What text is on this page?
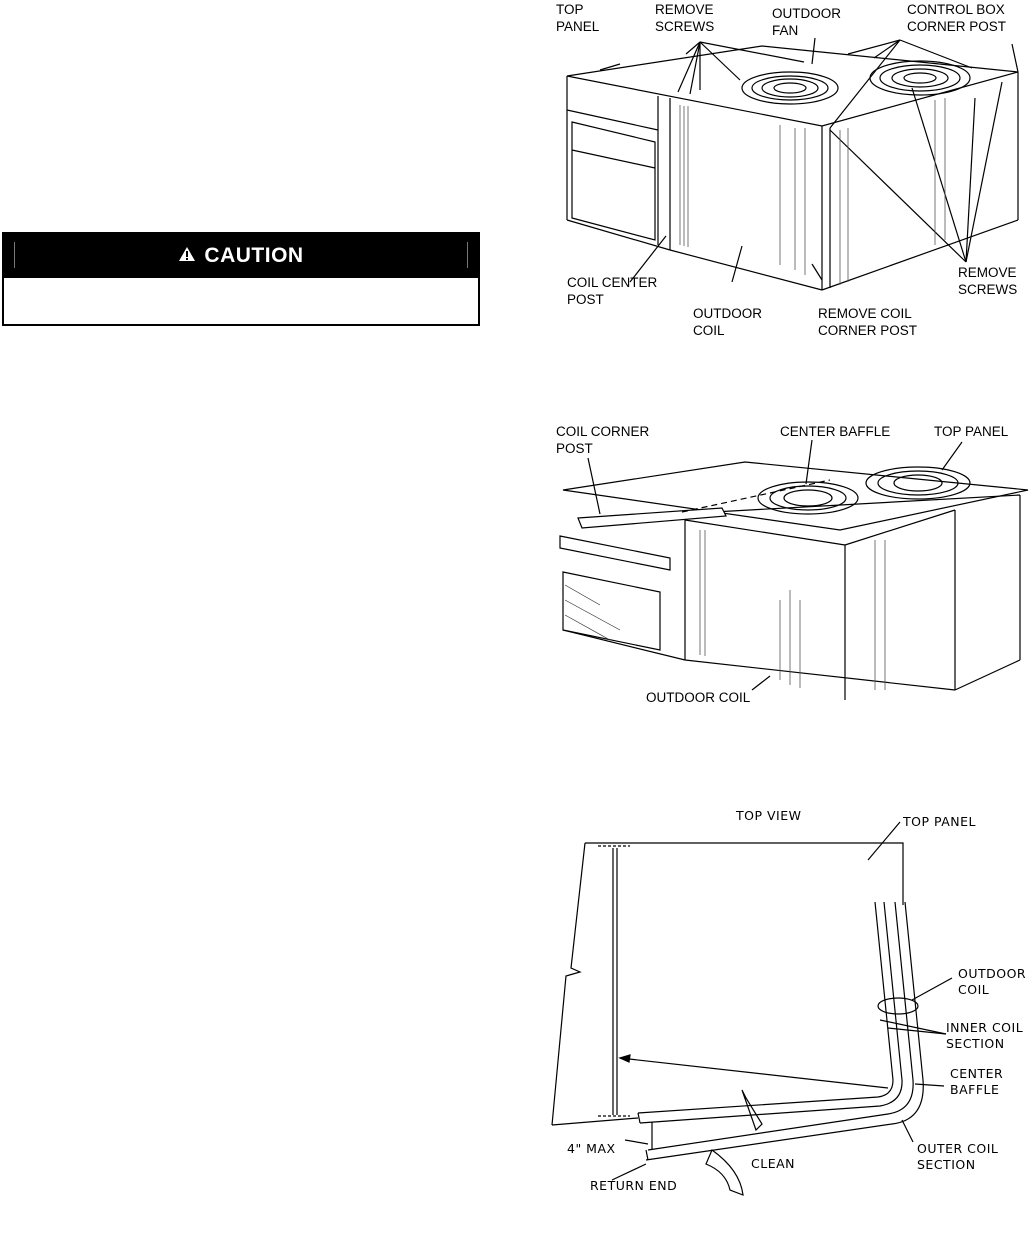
CAUTION
TOP
PANEL
REMOVE
SCREWS
OUTDOOR
FAN
CONTROL BOX
CORNER POST
COIL CENTER
POST
OUTDOOR
COIL
REMOVE COIL
CORNER POST
REMOVE
SCREWS
COIL CORNER
POST
CENTER BAFFLE	TOP PANEL
OUTDOOR COIL
TOP VIEW	TOP PANEL
OUTDOOR
COIL
INNER COIL
SECTION
CENTER
BAFFLE
OUTER COIL
SECTION
4" MAX
CLEAN
RETURN END
